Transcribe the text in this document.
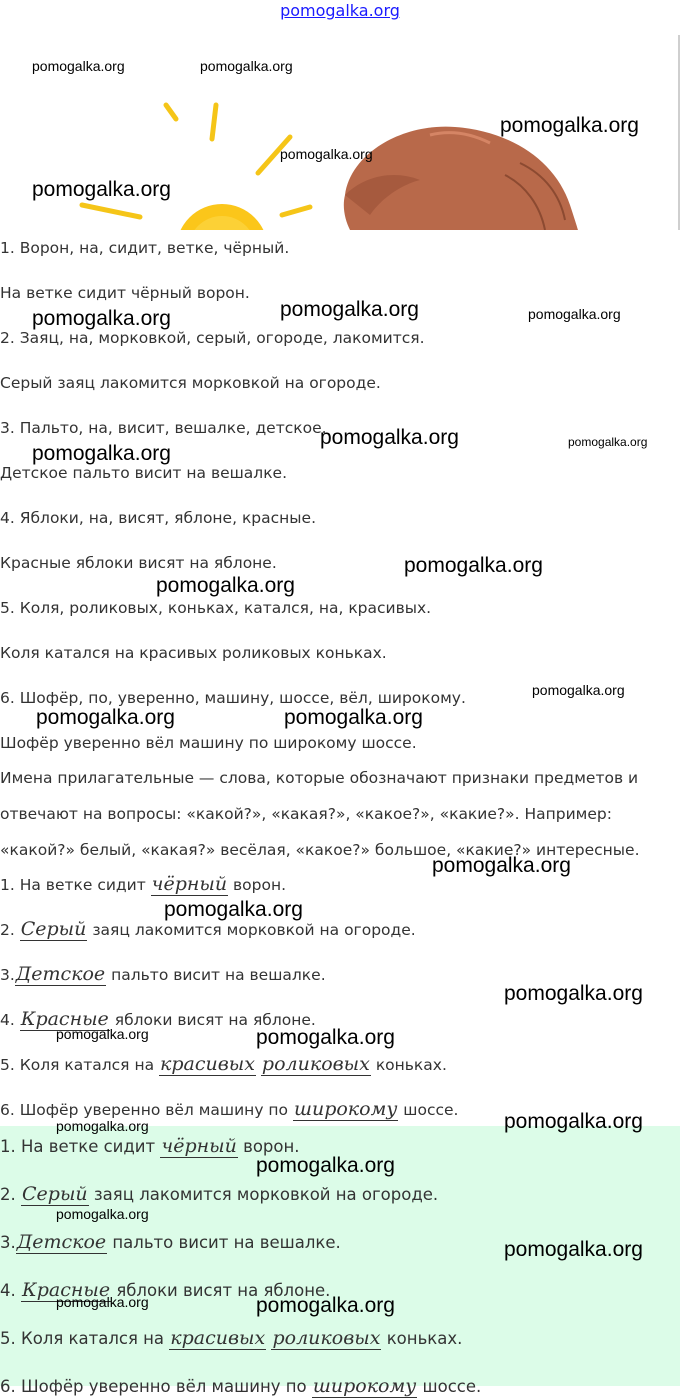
pomogalka.org
1. Ворон, на, сидит, ветке, чёрный.
На ветке сидит чёрный ворон.
2. Заяц, на, морковкой, серый, огороде, лакомится.
Серый заяц лакомится морковкой на огороде.
3. Пальто, на, висит, вешалке, детское.
Детское пальто висит на вешалке.
4. Яблоки, на, висят, яблоне, красные.
Красные яблоки висят на яблоне.
5. Коля, роликовых, коньках, катался, на, красивых.
Коля катался на красивых роликовых коньках.
6. Шофёр, по, уверенно, машину, шоссе, вёл, широкому.
Шофёр уверенно вёл машину по широкому шоссе.
Имена прилагательные — слова, которые обозначают признаки предметов и
отвечают на вопросы: «какой?», «какая?», «какое?», «какие?». Например:
«какой?» белый, «какая?» весёлая, «какое?» большое, «какие?» интересные.
1. На ветке сидит чёрный ворон.
2. Серый заяц лакомится морковкой на огороде.
3.Детское пальто висит на вешалке.
4. Красные яблоки висят на яблоне.
5. Коля катался на красивых роликовых коньках.
6. Шофёр уверенно вёл машину по широкому шоссе.
1. На ветке сидит чёрный ворон.
2. Серый заяц лакомится морковкой на огороде.
3.Детское пальто висит на вешалке.
4. Красные яблоки висят на яблоне.
5. Коля катался на красивых роликовых коньках.
6. Шофёр уверенно вёл машину по широкому шоссе.
pomogalka.org	pomogalka.org
pomogalka.org
pomogalka.org
pomogalka.org
pomogalka.org
pomogalka.org	pomogalka.org
pomogalka.org	pomogalka.org
pomogalka.org
pomogalka.org
pomogalka.org
pomogalka.org
pomogalka.org	pomogalka.org
pomogalka.org
pomogalka.org
pomogalka.org
pomogalka.org	pomogalka.org
pomogalka.org	pomogalka.org
pomogalka.org
pomogalka.org
pomogalka.org
pomogalka.org	pomogalka.org
